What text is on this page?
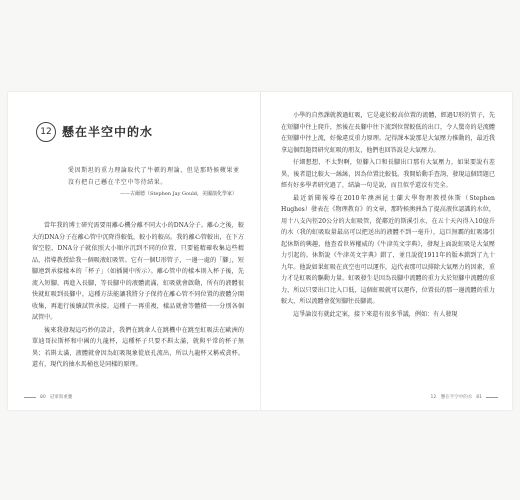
12 懸在半空中的水
愛因斯坦的重力理論取代了牛頓的理論，但是那時候蘋果並沒有把自己懸在半空中等待結果。
——古爾德（Stephen Jay Gould，美國演化學家）

當年我的博士研究需要用離心機分離不同大小的DNA分子。離心之後，較大的DNA分子在離心管中沉降得較低，較小的較高。我的離心管較出，在下方留空腔，DNA分子就依照大小順序沉到不同的位置，只要能精確收集這些精品，指導教授給我一個吸液虹吸管。它有一個U形管子，一邊一處的「腳」，短腳連到承接樣本的「杯子」（如插圖中所示）。離心管中的樣本則入杯子後，先流入短腳，再進入長腳，等長腳中的液體流滿，虹吸就會啟動，所有的液體很快就虹吸到長腳中，這種方法能讓我將分子保持在離心管不同位置的液體分開收集，再進行後續試管承接。這種子一再重複，樣品就會等體積一一分別各個試管中。

後來我發現這巧妙的設計，我們在跳傘人在跳機中在跳至虹吸法在歐洲的單迪哥拉斯杯和中國的九龍杯，這種杯子只要不斟太滿，就與平常的杯子無異；若斟太滿，液體就會因為虹吸現象從底孔流出，所以九龍杯又稱戒貪杯。還有，現代的抽水馬桶也是同樣的原理。

80 冠軍與重疊

小學的自然課就教過虹吸，它是處於較高位置的流體，經過U形的管子，先在短腳中往上爬升，然後在長腳中往下流到位置較低的出口，令人驚奇的是流體在短腳中往上流，好像違反重力原理。記得課本說那是大氣壓力推動的，最近我拿這個問題問研究虹吸的朋友，他們也回答說是大氣壓力。

仔細想想，不太對啊，短腳入口和長腳出口那有大氣壓力，如果要說有差異，後者還比較大一絲絲，因為位置比較低。我開始動手查詢，發現這個問題已經有好多學者研究過了，結論一句是說，而且似乎還沒有完全。

最近新聞報導在2010年澳洲昆士蘭大學物理教授休斯（Stephen Hughes）發表在《物理教育》的文章，那時候澳洲為了提高液位認識的水位，用十八支內徑20公分的大虹吸管，從鄰近的斯溪引水，在五十天內得入10億升的水（我的虹吸取量最高可以把送出的液體不到一毫升），這巨無霸的虹吸器引起休斯的興趣，他查看世界權威的《牛津英文字典》，發現上面說虹吸是大氣壓力引起的。休斯說《牛津英文字典》錯了，並且說從1911年的版本錯到了九十九年。他說如果虹吸在真空也可以運作，這代表那可以排除大氣壓力的因素，重力才是虹吸的驅動力量。虹吸發生是因為長腳中流體的重力大於短腳中流體的重力，所以只要出口比入口低，這個虹吸就可以運作，位置長的那一邊流體的重力較大，所以流體會從短腳往長腳流。

這爭論沒有就此定案，接下來還有很多爭議，例如：有人發現

12．懸在半空中的水 81
